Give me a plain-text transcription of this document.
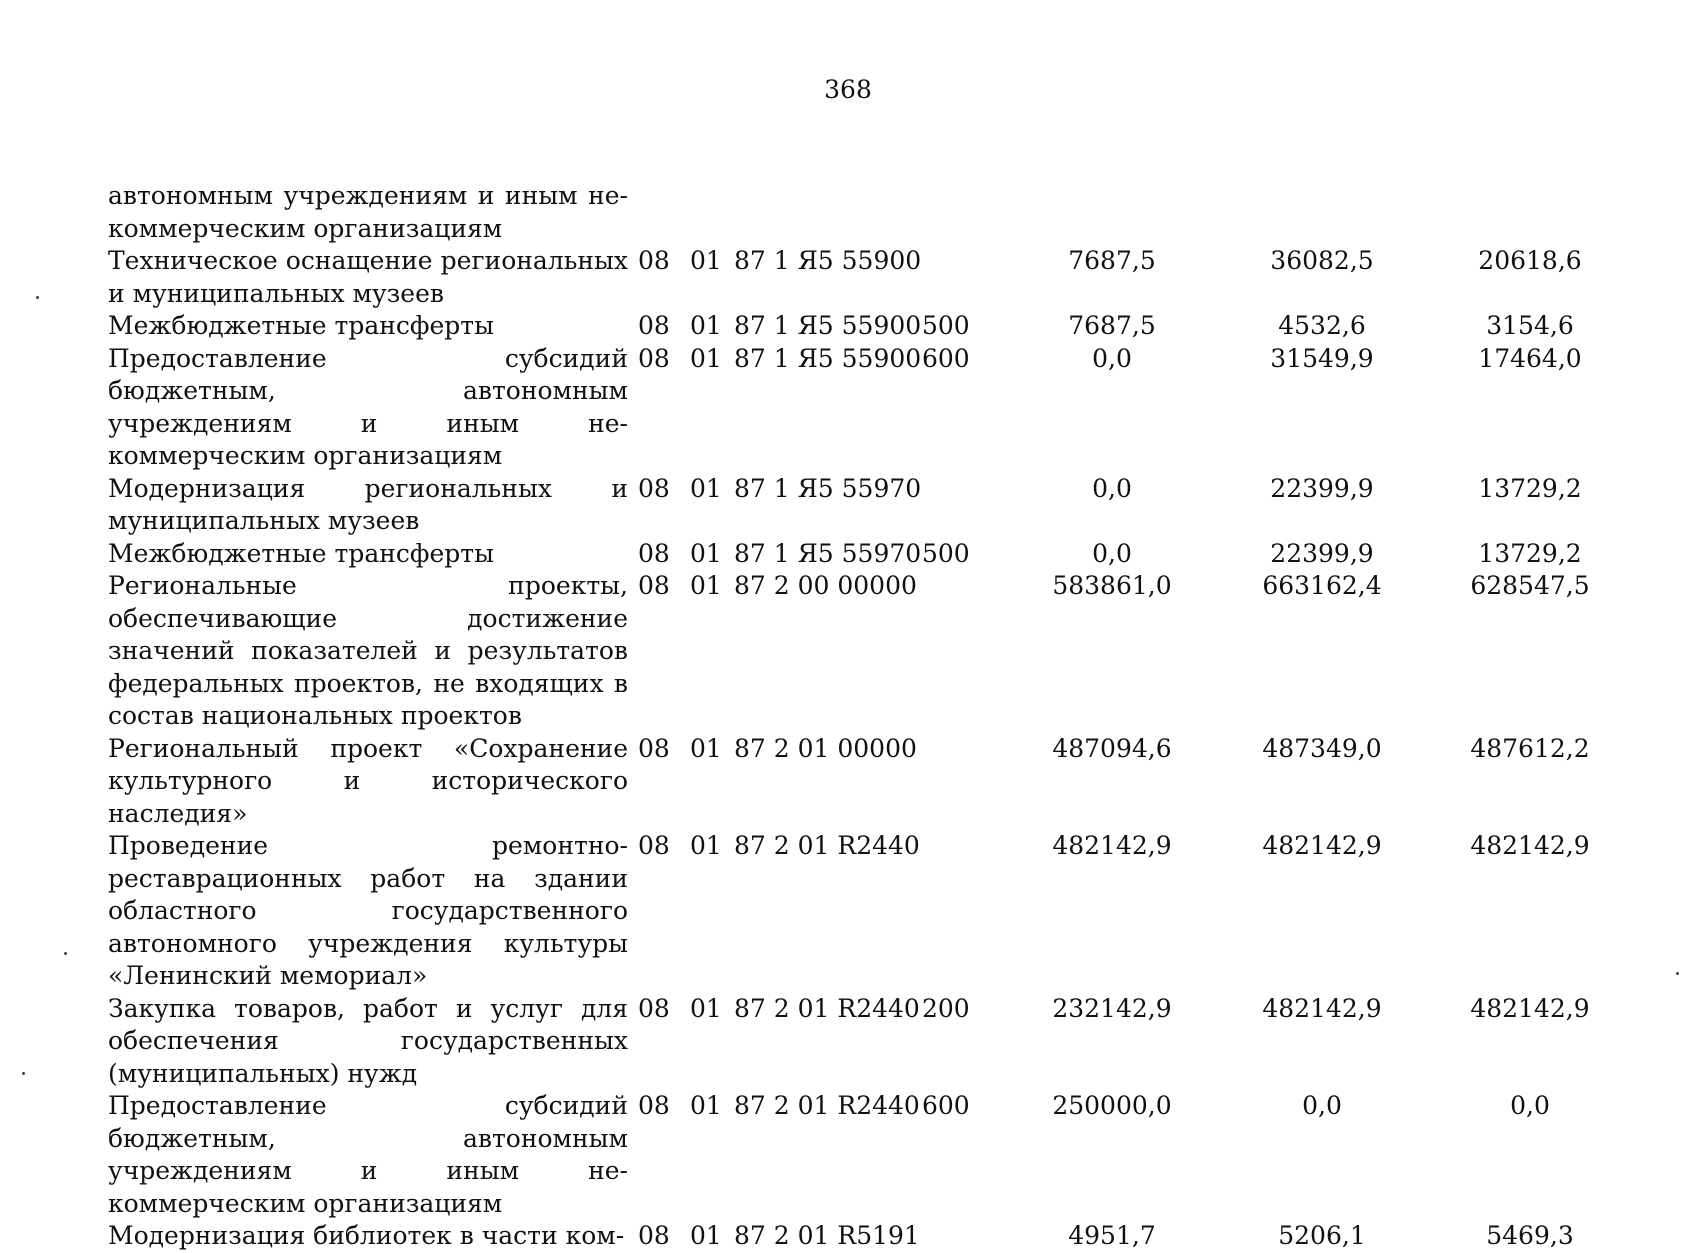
368
автономным учреждениям и иным некоммерческим организациям							
Техническое оснащение региональных и муниципальных музеев	08	01	87 1 Я5 55900		7687,5	36082,5	20618,6
Межбюджетные трансферты	08	01	87 1 Я5 55900	500	7687,5	4532,6	3154,6
Предоставление субсидий бюджетным, автономным учреждениям и иным некоммерческим организациям	08	01	87 1 Я5 55900	600	0,0	31549,9	17464,0
Модернизация региональных и муниципальных музеев	08	01	87 1 Я5 55970		0,0	22399,9	13729,2
Межбюджетные трансферты	08	01	87 1 Я5 55970	500	0,0	22399,9	13729,2
Региональные проекты, обеспечивающие достижение значений показателей и результатов федеральных проектов, не входящих в состав национальных проектов	08	01	87 2 00 00000		583861,0	663162,4	628547,5
Региональный проект «Сохранение культурного и исторического наследия»	08	01	87 2 01 00000		487094,6	487349,0	487612,2
Проведение ремонтно-реставрационных работ на здании областного государственного автономного учреждения культуры «Ленинский мемориал»	08	01	87 2 01 R2440		482142,9	482142,9	482142,9
Закупка товаров, работ и услуг для обеспечения государственных (муниципальных) нужд	08	01	87 2 01 R2440	200	232142,9	482142,9	482142,9
Предоставление субсидий бюджетным, автономным учреждениям и иным некоммерческим организациям	08	01	87 2 01 R2440	600	250000,0	0,0	0,0
Модернизация библиотек в части ком-	08	01	87 2 01 R5191		4951,7	5206,1	5469,3
